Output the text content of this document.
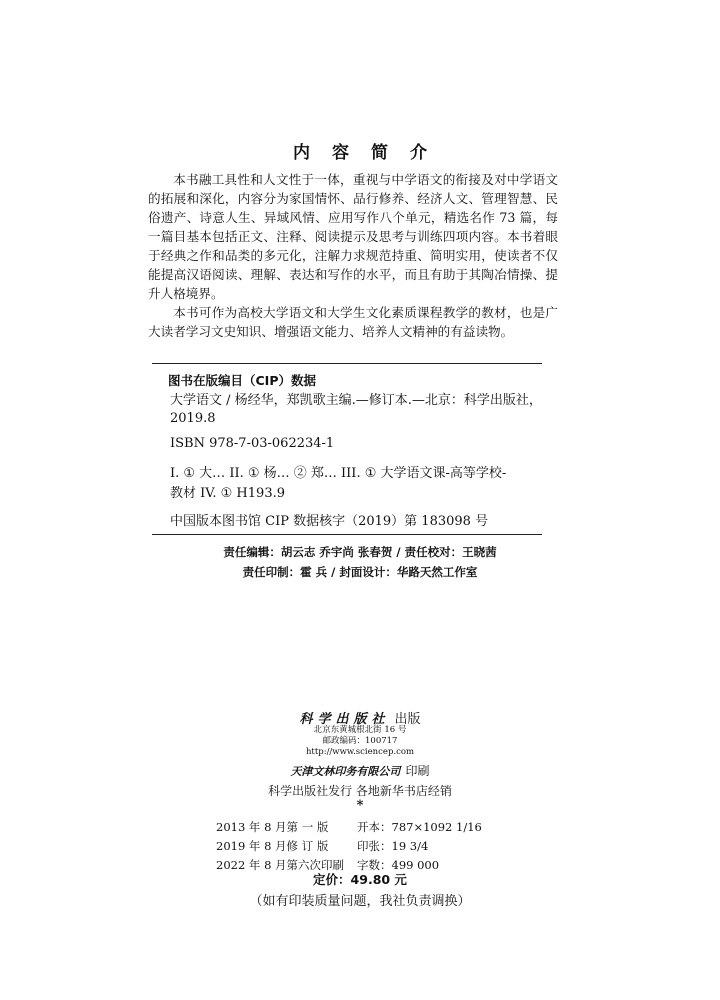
内容简介

本书融工具性和人文性于一体，重视与中学语文的衔接及对中学语文的拓展和深化，内容分为家国情怀、品行修养、经济人文、管理智慧、民俗遗产、诗意人生、异域风情、应用写作八个单元，精选名作 73 篇，每一篇目基本包括正文、注释、阅读提示及思考与训练四项内容。本书着眼于经典之作和品类的多元化，注解力求规范持重、简明实用，使读者不仅能提高汉语阅读、理解、表达和写作的水平，而且有助于其陶冶情操、提升人格境界。

本书可作为高校大学语文和大学生文化素质课程教学的教材，也是广大读者学习文史知识、增强语文能力、培养人文精神的有益读物。

图书在版编目（CIP）数据
大学语文 / 杨经华，郑凯歌主编.—修订本.—北京：科学出版社，
2019.8
ISBN 978-7-03-062234-1
I. ① 大… II. ① 杨… ② 郑… III. ① 大学语文课-高等学校-
教材 IV. ① H193.9
中国版本图书馆 CIP 数据核字（2019）第 183098 号
责任编辑：胡云志 乔宇尚 张春贺 / 责任校对：王晓茜
责任印制：霍 兵 / 封面设计：华路天然工作室
科学出版社 出版
北京东黄城根北街 16 号
邮政编码：100717
http://www.sciencep.com
天津文林印务有限公司 印刷
科学出版社发行 各地新华书店经销
*
2013 年 8 月第 一 版	开本：787×1092 1/16
2019 年 8 月修 订 版	印张：19 3/4
2022 年 8 月第六次印刷	字数：499 000
定价：49.80 元
（如有印装质量问题，我社负责调换）
